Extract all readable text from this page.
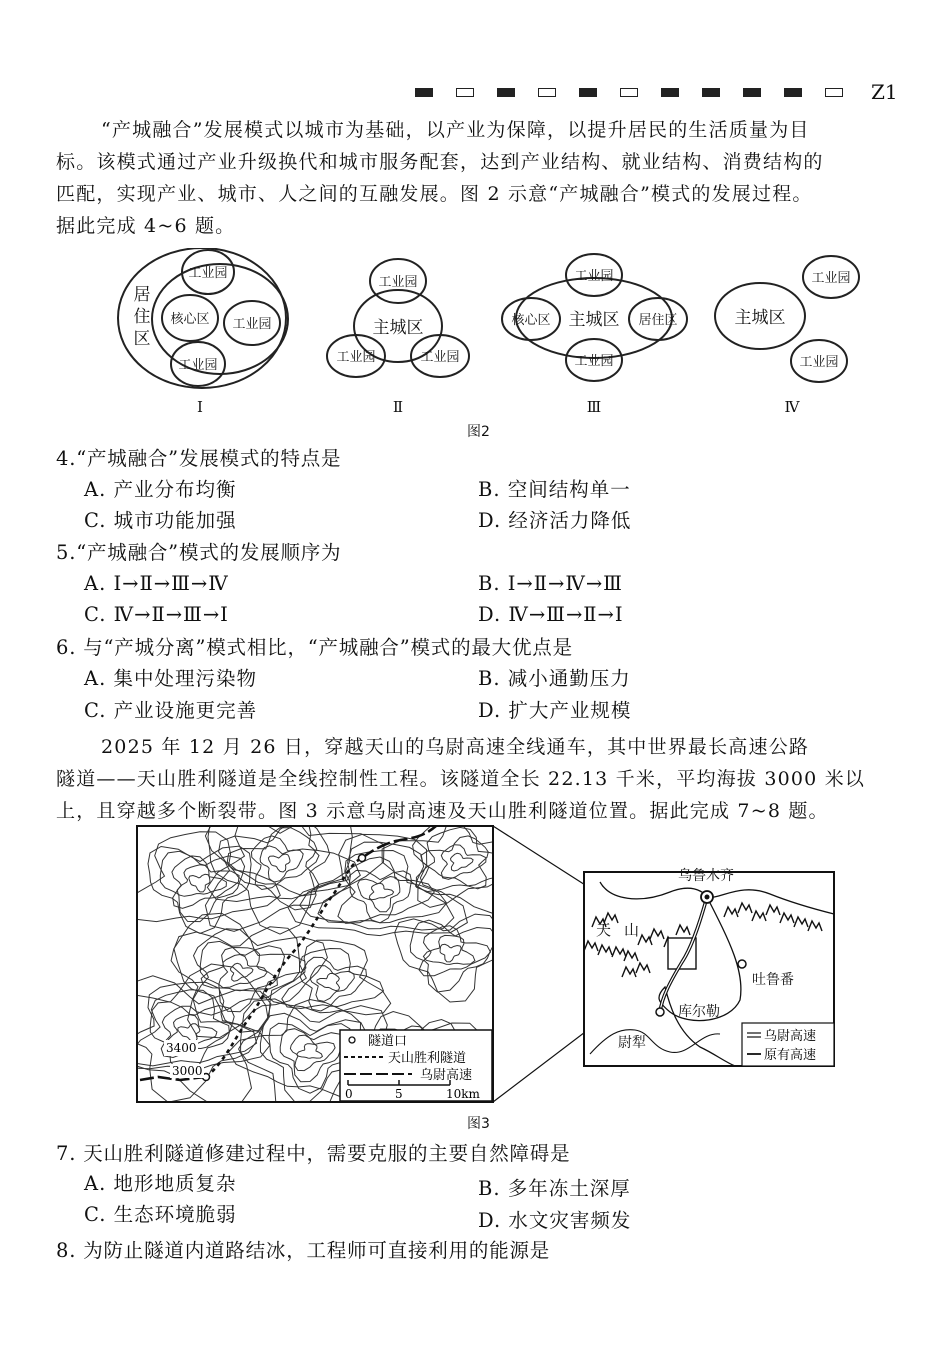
Z1
“产城融合”发展模式以城市为基础，以产业为保障，以提升居民的生活质量为目
标。该模式通过产业升级换代和城市服务配套，达到产业结构、就业结构、消费结构的
匹配，实现产业、城市、人之间的互融发展。图 2 示意“产城融合”模式的发展过程。
据此完成 4~6 题。
居
住
区
核心区
工业园
工业园
工业园
I
主城区
工业园
工业园	工业园
Ⅱ
主城区
工业园
工业园
核心区	居住区
Ⅲ
主城区
工业园
工业园
Ⅳ
图2
4.“产城融合”发展模式的特点是
A. 产业分布均衡	B. 空间结构单一
C. 城市功能加强	D. 经济活力降低
5.“产城融合”模式的发展顺序为
A. Ⅰ→Ⅱ→Ⅲ→Ⅳ	B. Ⅰ→Ⅱ→Ⅳ→Ⅲ
C. Ⅳ→Ⅱ→Ⅲ→Ⅰ	D. Ⅳ→Ⅲ→Ⅱ→Ⅰ
6. 与“产城分离”模式相比，“产城融合”模式的最大优点是
A. 集中处理污染物	B. 减小通勤压力
C. 产业设施更完善	D. 扩大产业规模
2025 年 12 月 26 日，穿越天山的乌尉高速全线通车，其中世界最长高速公路
隧道——天山胜利隧道是全线控制性工程。该隧道全长 22.13 千米，平均海拔 3000 米以
上，且穿越多个断裂带。图 3 示意乌尉高速及天山胜利隧道位置。据此完成 7~8 题。
3400
3000
隧道口
天山胜利隧道
乌尉高速
0	5	10km
乌鲁木齐
天 山
吐鲁番
库尔勒
尉犁	乌尉高速
原有高速
图3
7. 天山胜利隧道修建过程中，需要克服的主要自然障碍是
A. 地形地质复杂	B. 多年冻土深厚
C. 生态环境脆弱	D. 水文灾害频发
8. 为防止隧道内道路结冰，工程师可直接利用的能源是
